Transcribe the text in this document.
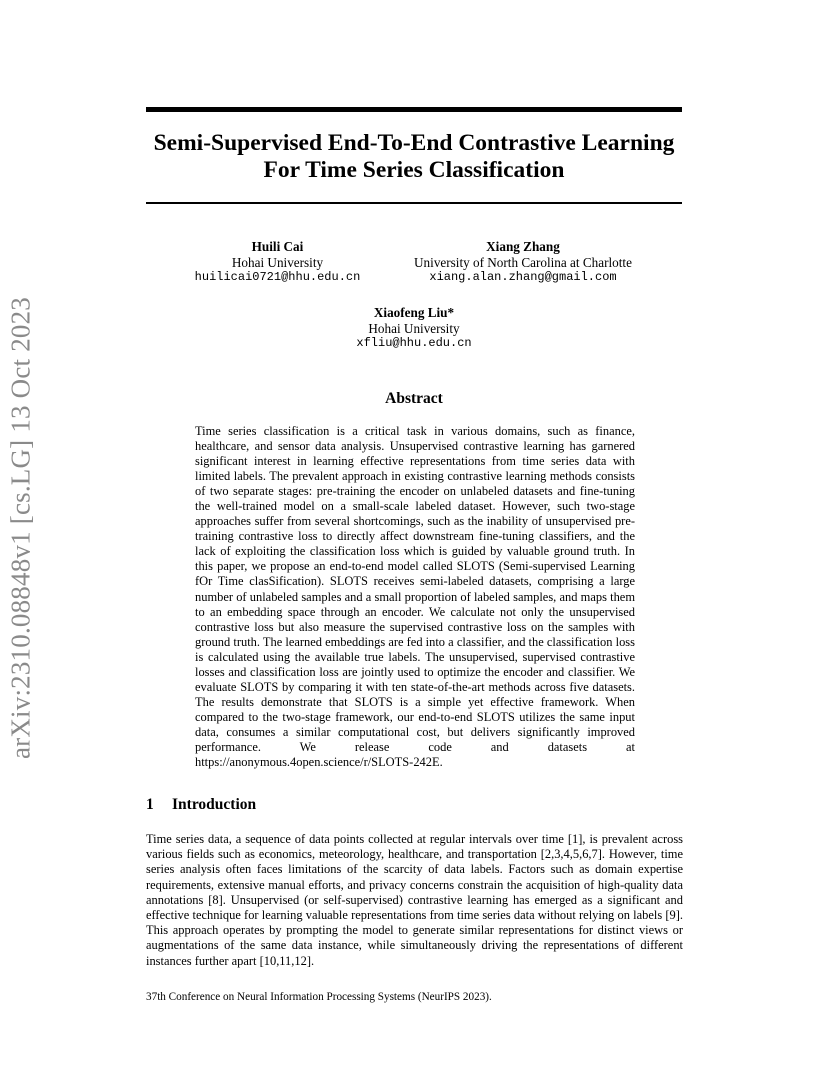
arXiv:2310.08848v1 [cs.LG] 13 Oct 2023
Semi-Supervised End-To-End Contrastive Learning For Time Series Classification
Huili Cai
Hohai University
huilicai0721@hhu.edu.cn
Xiang Zhang
University of North Carolina at Charlotte
xiang.alan.zhang@gmail.com
Xiaofeng Liu*
Hohai University
xfliu@hhu.edu.cn
Abstract
Time series classification is a critical task in various domains, such as finance, healthcare, and sensor data analysis. Unsupervised contrastive learning has garnered significant interest in learning effective representations from time series data with limited labels. The prevalent approach in existing contrastive learning methods consists of two separate stages: pre-training the encoder on unlabeled datasets and fine-tuning the well-trained model on a small-scale labeled dataset. However, such two-stage approaches suffer from several shortcomings, such as the inability of unsupervised pre-training contrastive loss to directly affect downstream fine-tuning classifiers, and the lack of exploiting the classification loss which is guided by valuable ground truth. In this paper, we propose an end-to-end model called SLOTS (Semi-supervised Learning fOr Time clasSification). SLOTS receives semi-labeled datasets, comprising a large number of unlabeled samples and a small proportion of labeled samples, and maps them to an embedding space through an encoder. We calculate not only the unsupervised contrastive loss but also measure the supervised contrastive loss on the samples with ground truth. The learned embeddings are fed into a classifier, and the classification loss is calculated using the available true labels. The unsupervised, supervised contrastive losses and classification loss are jointly used to optimize the encoder and classifier. We evaluate SLOTS by comparing it with ten state-of-the-art methods across five datasets. The results demonstrate that SLOTS is a simple yet effective framework. When compared to the two-stage framework, our end-to-end SLOTS utilizes the same input data, consumes a similar computational cost, but delivers significantly improved performance. We release code and datasets at https://anonymous.4open.science/r/SLOTS-242E.
1 Introduction
Time series data, a sequence of data points collected at regular intervals over time [1], is prevalent across various fields such as economics, meteorology, healthcare, and transportation [2,3,4,5,6,7]. However, time series analysis often faces limitations of the scarcity of data labels. Factors such as domain expertise requirements, extensive manual efforts, and privacy concerns constrain the acquisition of high-quality data annotations [8]. Unsupervised (or self-supervised) contrastive learning has emerged as a significant and effective technique for learning valuable representations from time series data without relying on labels [9]. This approach operates by prompting the model to generate similar representations for distinct views or augmentations of the same data instance, while simultaneously driving the representations of different instances further apart [10,11,12].
37th Conference on Neural Information Processing Systems (NeurIPS 2023).
